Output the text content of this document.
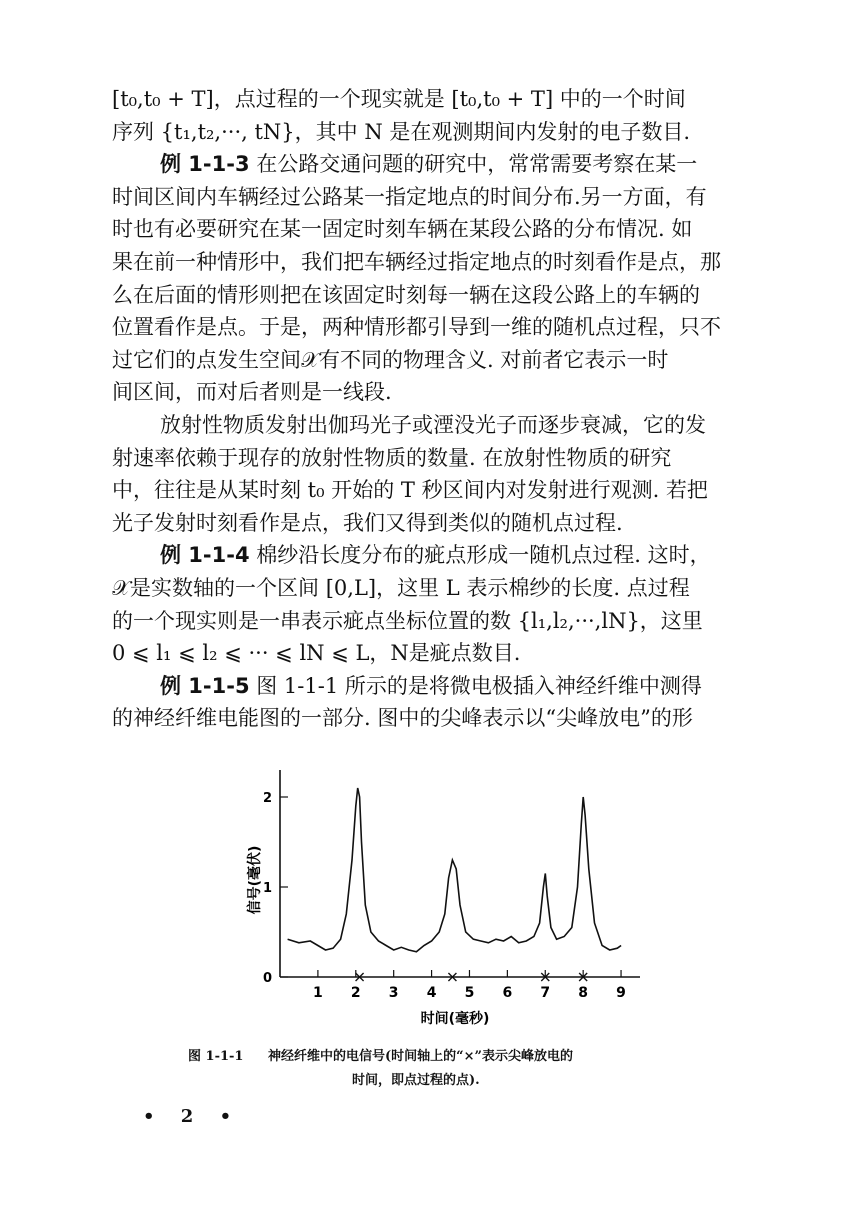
[t₀,t₀ + T]，点过程的一个现实就是 [t₀,t₀ + T] 中的一个时间
序列 {t₁,t₂,···, tN}，其中 N 是在观测期间内发射的电子数目.
例 1-1-3 在公路交通问题的研究中，常常需要考察在某一
时间区间内车辆经过公路某一指定地点的时间分布.另一方面，有
时也有必要研究在某一固定时刻车辆在某段公路的分布情况. 如
果在前一种情形中，我们把车辆经过指定地点的时刻看作是点，那
么在后面的情形则把在该固定时刻每一辆在这段公路上的车辆的
位置看作是点。于是，两种情形都引导到一维的随机点过程，只不
过它们的点发生空间𝒳有不同的物理含义. 对前者它表示一时
间区间，而对后者则是一线段.
放射性物质发射出伽玛光子或湮没光子而逐步衰减，它的发
射速率依赖于现存的放射性物质的数量. 在放射性物质的研究
中，往往是从某时刻 t₀ 开始的 T 秒区间内对发射进行观测. 若把
光子发射时刻看作是点，我们又得到类似的随机点过程.
例 1-1-4 棉纱沿长度分布的疵点形成一随机点过程. 这时，
𝒳是实数轴的一个区间 [0,L]，这里 L 表示棉纱的长度. 点过程
的一个现实则是一串表示疵点坐标位置的数 {l₁,l₂,···,lN}，这里
0 ⩽ l₁ ⩽ l₂ ⩽ ··· ⩽ lN ⩽ L，N是疵点数目.
例 1-1-5 图 1-1-1 所示的是将微电极插入神经纤维中测得
的神经纤维电能图的一部分. 图中的尖峰表示以“尖峰放电”的形
1 2 3 4 5 6 7 8 9
0
1
2
时间(毫秒)
信号(毫伏)
图 1-1-1 神经纤维中的电信号(时间轴上的“×”表示尖峰放电的
时间，即点过程的点).
• 2 •
